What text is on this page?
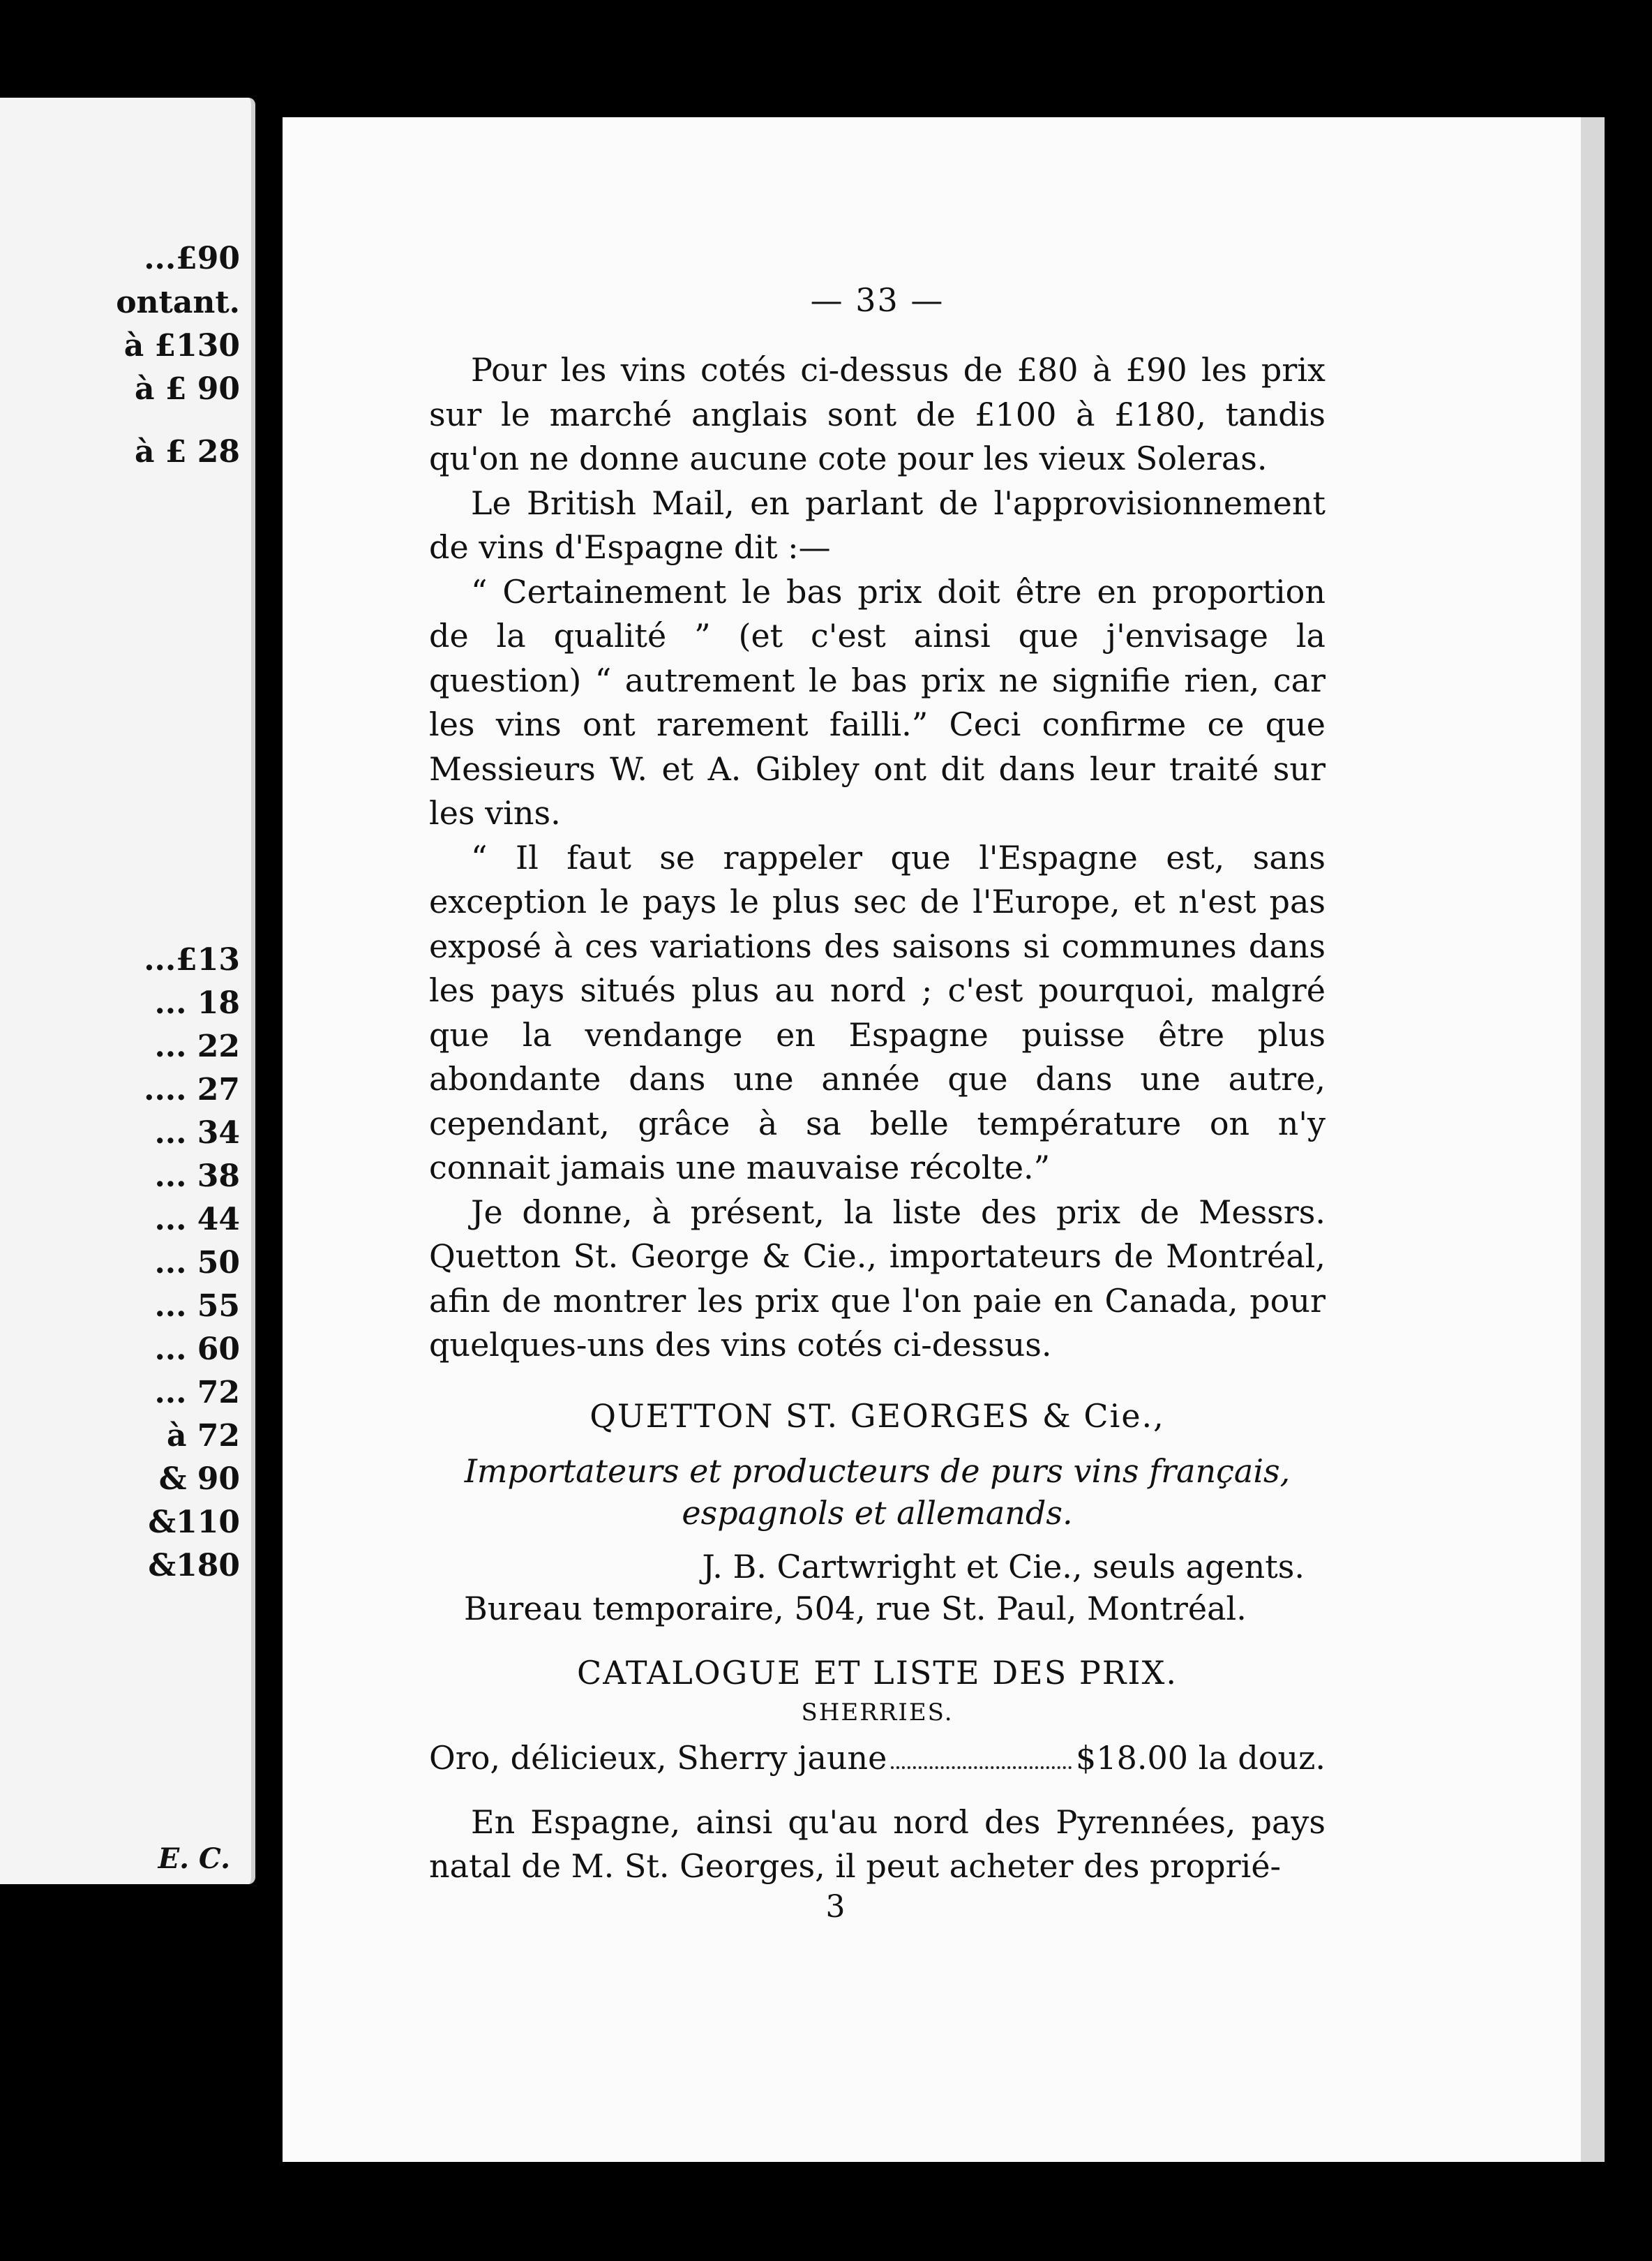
E. C.
...£90
ontant.
à £130
à £ 90
à £ 28
...£13
... 18
... 22
.... 27
... 34
... 38
... 44
... 50
... 55
... 60
... 72
à 72
& 90
&110
&180
— 33 —

Pour les vins cotés ci-dessus de £80 à £90 les prix sur le marché anglais sont de £100 à £180, tandis qu'on ne donne aucune cote pour les vieux Soleras.

Le British Mail, en parlant de l'approvisionnement de vins d'Espagne dit :—

“ Certainement le bas prix doit être en proportion de la qualité ” (et c'est ainsi que j'envisage la question) “ autrement le bas prix ne signifie rien, car les vins ont rarement failli.” Ceci confirme ce que Messieurs W. et A. Gibley ont dit dans leur traité sur les vins.

“ Il faut se rappeler que l'Espagne est, sans exception le pays le plus sec de l'Europe, et n'est pas exposé à ces variations des saisons si communes dans les pays situés plus au nord ; c'est pourquoi, malgré que la vendange en Espagne puisse être plus abondante dans une année que dans une autre, cependant, grâce à sa belle température on n'y connait jamais une mauvaise récolte.”

Je donne, à présent, la liste des prix de Messrs. Quetton St. George & Cie., importateurs de Montréal, afin de montrer les prix que l'on paie en Canada, pour quelques-uns des vins cotés ci-dessus.

QUETTON ST. GEORGES & Cie.,

Importateurs et producteurs de purs vins français, espagnols et allemands.

J. B. Cartwright et Cie., seuls agents.
Bureau temporaire, 504, rue St. Paul, Montréal.
CATALOGUE ET LISTE DES PRIX.
SHERRIES.
Oro, délicieux, Sherry jaune	$18.00 la douz.

En Espagne, ainsi qu'au nord des Pyrennées, pays natal de M. St. Georges, il peut acheter des proprié-

3
